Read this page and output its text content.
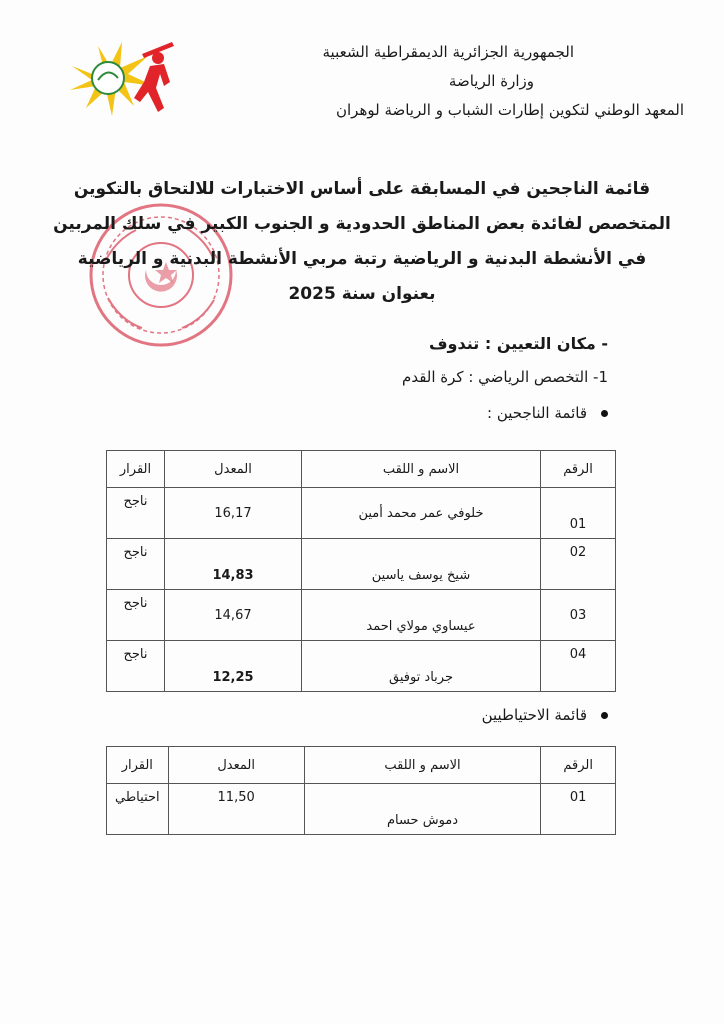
الجمهورية الجزائرية الديمقراطية الشعبية
وزارة الرياضة
المعهد الوطني لتكوين إطارات الشباب و الرياضة لوهران
قائمة الناجحين في المسابقة على أساس الاختبارات للالتحاق بالتكوين
المتخصص لفائدة بعض المناطق الحدودية و الجنوب الكبير في سلك المربين
في الأنشطة البدنية و الرياضية رتبة مربي الأنشطة البدنية و الرياضية
بعنوان سنة 2025
- مكان التعيين : تندوف
1- التخصص الرياضي : كرة القدم
قائمة الناجحين :
الرقم	الاسم و اللقب	المعدل	القرار
01	خلوفي عمر محمد أمين	16,17	ناجح
02	شيخ يوسف ياسين	14,83	ناجح
03	عيساوي مولاي احمد	14,67	ناجح
04	جرباد توفيق	12,25	ناجح
قائمة الاحتياطيين
الرقم	الاسم و اللقب	المعدل	القرار
01	دموش حسام	11,50	احتياطي
